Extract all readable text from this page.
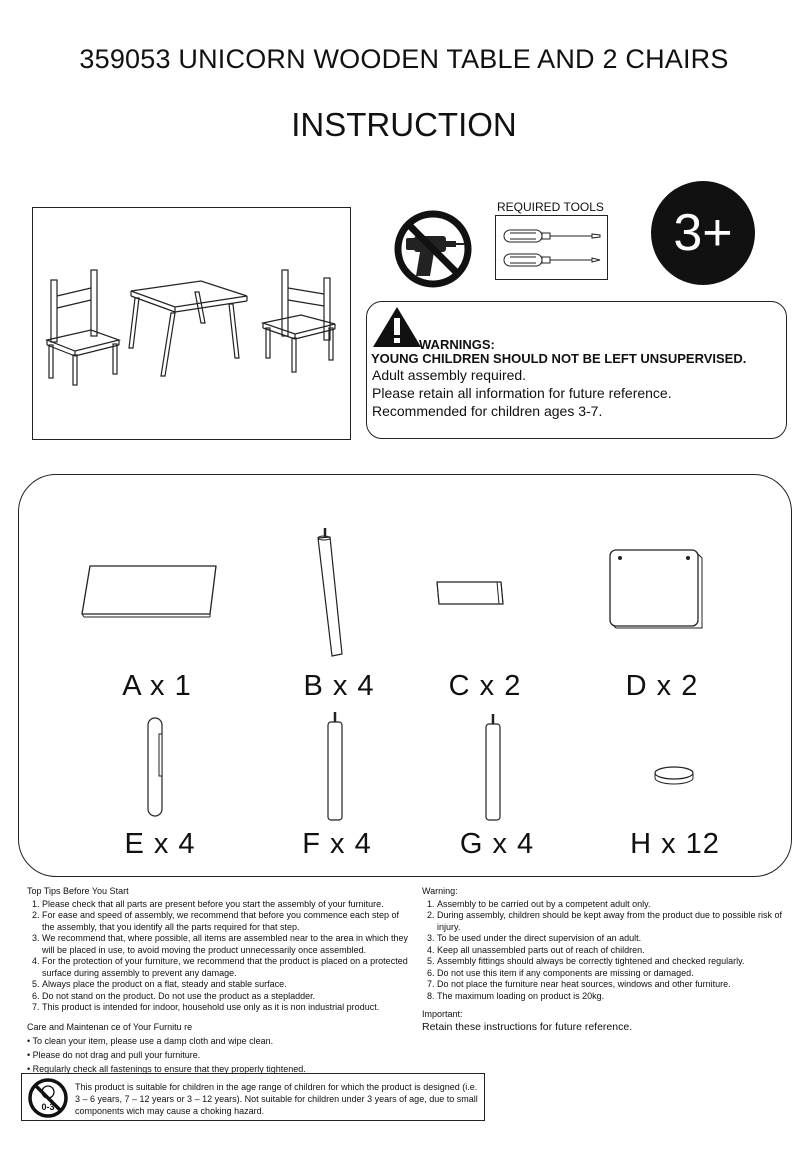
359053 UNICORN WOODEN TABLE AND 2 CHAIRS
INSTRUCTION
REQUIRED TOOLS	3+
WARNINGS:
YOUNG CHILDREN SHOULD NOT BE LEFT UNSUPERVISED.
Adult assembly required.
Please retain all information for future reference.
Recommended for children ages 3-7.
A x 1	B x 4	C x 2	D x 2
E x 4	F x 4	G x 4	H x 12
Top Tips Before You Start
1. Please check that all parts are present before you start the assembly of your furniture.
2. For ease and speed of assembly, we recommend that before you commence each step of the assembly, that you identify all the parts required for that step.
3. We recommend that, where possible, all items are assembled near to the area in which they will be placed in use, to avoid moving the product unnecessarily once assembled.
4. For the protection of your furniture, we recommend that the product is placed on a protected surface during assembly to prevent any damage.
5. Always place the product on a flat, steady and stable surface.
6. Do not stand on the product. Do not use the product as a stepladder.
7. This product is intended for indoor, household use only as it is non industrial product.
Care and Maintenan ce of Your Furnitu re
• To clean your item, please use a damp cloth and wipe clean.
• Please do not drag and pull your furniture.
• Regularly check all fastenings to ensure that they properly tightened.
Warning:
1. Assembly to be carried out by a competent adult only.
2. During assembly, children should be kept away from the product due to possible risk of injury.
3. To be used under the direct supervision of an adult.
4. Keep all unassembled parts out of reach of children.
5. Assembly fittings should always be correctly tightened and checked regularly.
6. Do not use this item if any components are missing or damaged.
7. Do not place the furniture near heat sources, windows and other furniture.
8. The maximum loading on product is 20kg.
Important:
Retain these instructions for future reference.
0-3
This product is suitable for children in the age range of children for which the product is designed (i.e. 3 – 6 years, 7 – 12 years or 3 – 12 years). Not suitable for children under 3 years of age, due to small components wich may cause a choking hazard.
